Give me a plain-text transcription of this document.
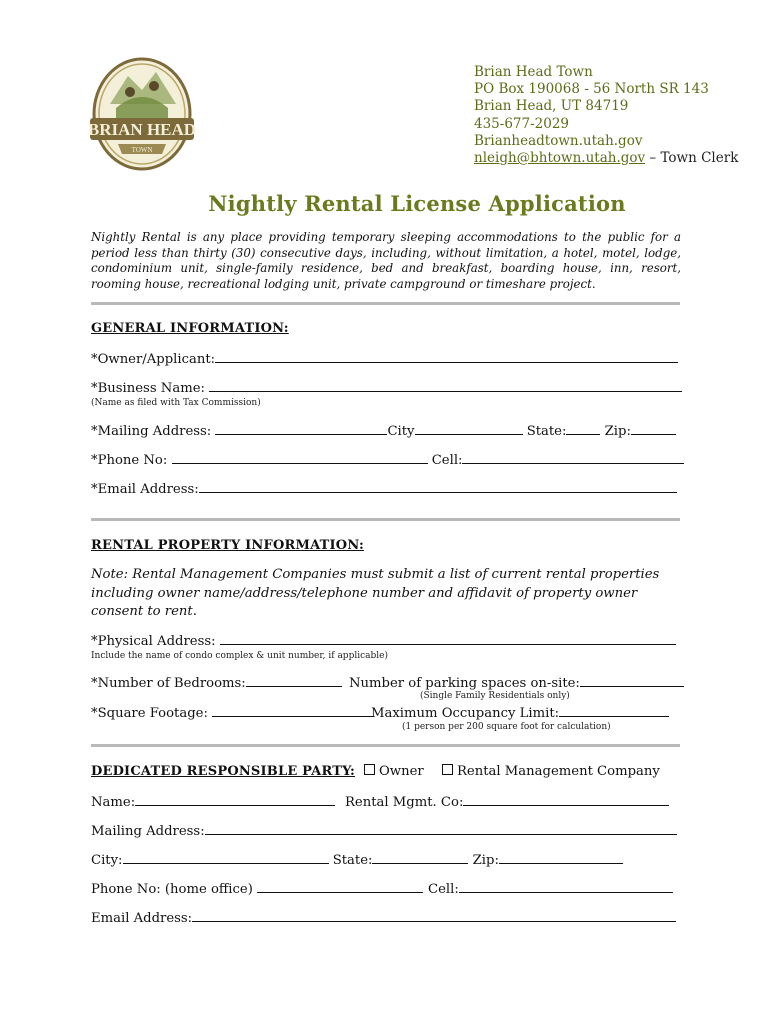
BRIAN HEAD
TOWN
Brian Head Town
PO Box 190068 - 56 North SR 143
Brian Head, UT 84719
435-677-2029
Brianheadtown.utah.gov
nleigh@bhtown.utah.gov – Town Clerk
Nightly Rental License Application
Nightly Rental is any place providing temporary sleeping accommodations to the public for a period less than thirty (30) consecutive days, including, without limitation, a hotel, motel, lodge, condominium unit, single-family residence, bed and breakfast, boarding house, inn, resort, rooming house, recreational lodging unit, private campground or timeshare project.
GENERAL INFORMATION:
*Owner/Applicant:
*Business Name:
(Name as filed with Tax Commission)
*Mailing Address:	City	State:	Zip:
*Phone No:	Cell:
*Email Address:
RENTAL PROPERTY INFORMATION:
Note: Rental Management Companies must submit a list of current rental properties including owner name/address/telephone number and affidavit of property owner consent to rent.
*Physical Address:
Include the name of condo complex & unit number, if applicable)
*Number of Bedrooms:	Number of parking spaces on-site:
(Single Family Residentials only)
*Square Footage:	Maximum Occupancy Limit:
(1 person per 200 square foot for calculation)
DEDICATED RESPONSIBLE PARTY:	Owner	Rental Management Company
Name:	Rental Mgmt. Co:
Mailing Address:
City:	State:	Zip:
Phone No: (home office)	Cell:
Email Address:
